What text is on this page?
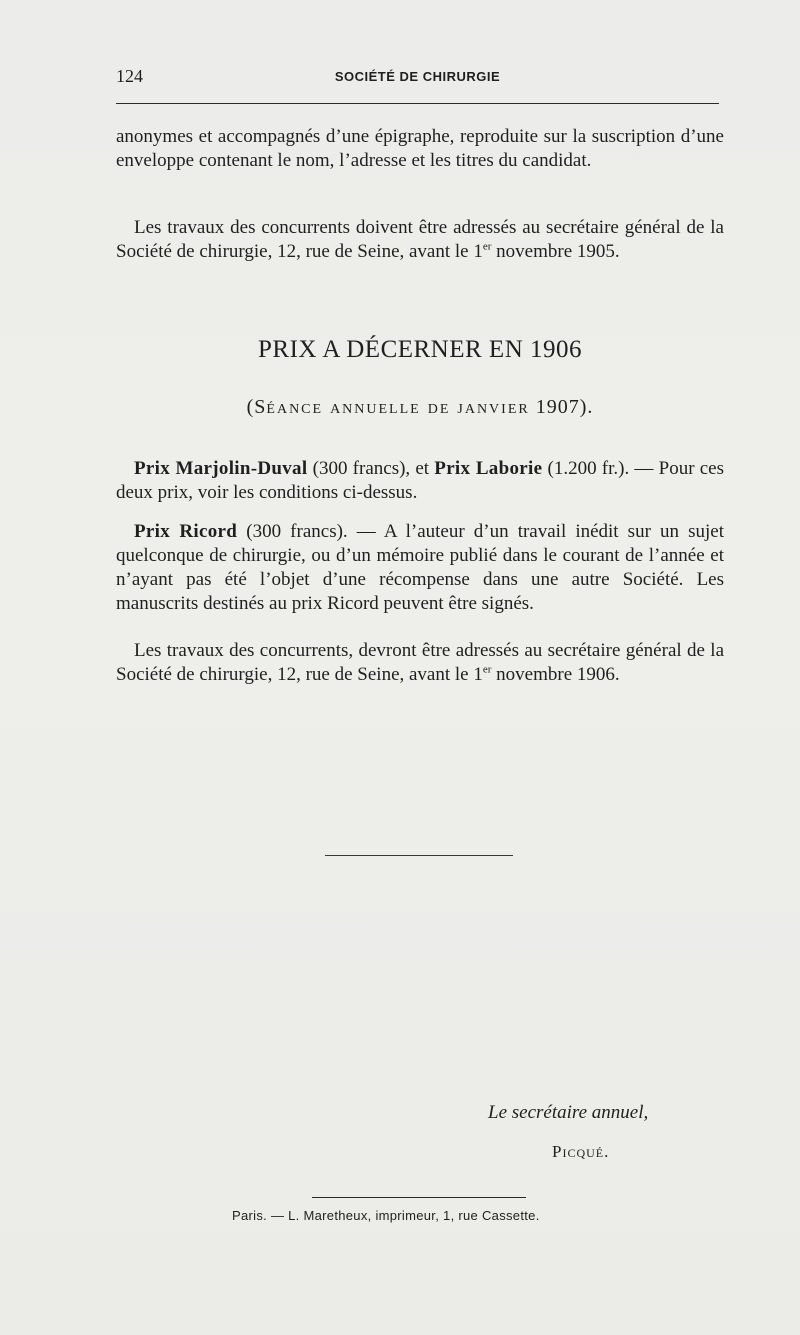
124	SOCIÉTÉ DE CHIRURGIE

anonymes et accompagnés d’une épigraphe, reproduite sur la suscription d’une enveloppe contenant le nom, l’adresse et les titres du candidat.

Les travaux des concurrents doivent être adressés au secrétaire général de la Société de chirurgie, 12, rue de Seine, avant le 1er novembre 1905.

PRIX A DÉCERNER EN 1906

(Séance annuelle de janvier 1907).

Prix Marjolin-Duval (300 francs), et Prix Laborie (1.200 fr.). — Pour ces deux prix, voir les conditions ci-dessus.

Prix Ricord (300 francs). — A l’auteur d’un travail inédit sur un sujet quelconque de chirurgie, ou d’un mémoire publié dans le courant de l’année et n’ayant pas été l’objet d’une récompense dans une autre Société. Les manuscrits destinés au prix Ricord peuvent être signés.

Les travaux des concurrents, devront être adressés au secrétaire général de la Société de chirurgie, 12, rue de Seine, avant le 1er novembre 1906.

Le secrétaire annuel,
Picqué.
Paris. — L. Maretheux, imprimeur, 1, rue Cassette.
